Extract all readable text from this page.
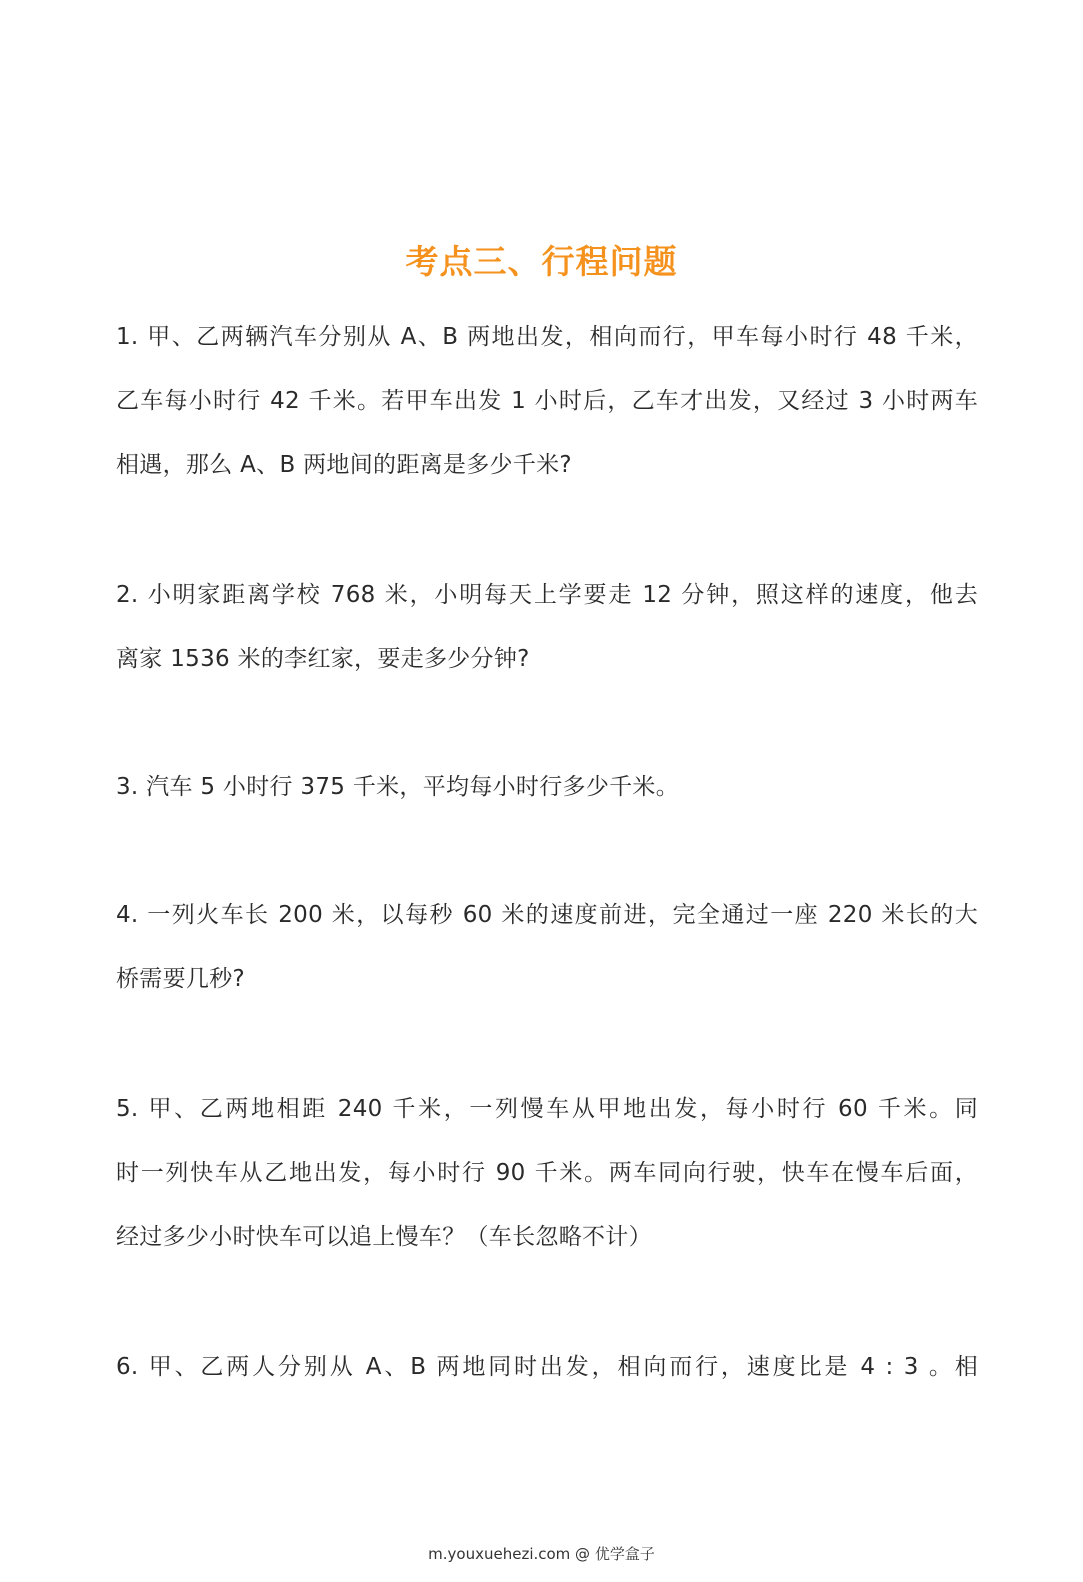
考点三、行程问题
1. 甲、乙两辆汽车分别从 A、B 两地出发，相向而行，甲车每小时行 48 千米，
乙车每小时行 42 千米。若甲车出发 1 小时后，乙车才出发，又经过 3 小时两车
相遇，那么 A、B 两地间的距离是多少千米?
2. 小明家距离学校 768 米，小明每天上学要走 12 分钟，照这样的速度，他去
离家 1536 米的李红家，要走多少分钟?
3. 汽车 5 小时行 375 千米，平均每小时行多少千米。
4. 一列火车长 200 米，以每秒 60 米的速度前进，完全通过一座 220 米长的大
桥需要几秒?
5. 甲、乙两地相距 240 千米，一列慢车从甲地出发，每小时行 60 千米。同
时一列快车从乙地出发，每小时行 90 千米。两车同向行驶，快车在慢车后面，
经过多少小时快车可以追上慢车？（车长忽略不计）
6. 甲、乙两人分别从 A、B 两地同时出发，相向而行，速度比是 4 : 3 。相
m.youxuehezi.com @ 优学盒子
